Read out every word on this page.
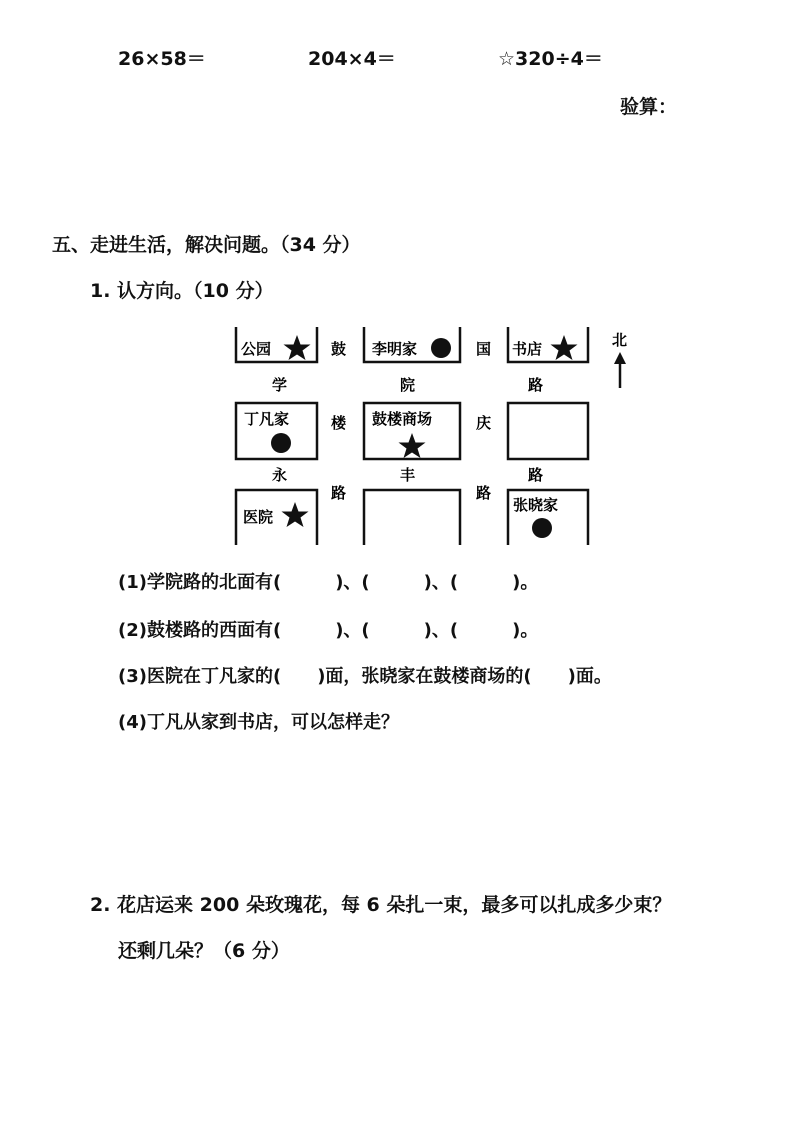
26×58＝	204×4＝	☆320÷4＝
验算：
五、走进生活，解决问题。（34 分）
1. 认方向。（10 分）
公园	李明家	书店
丁凡家	鼓楼商场
医院
张晓家
北
鼓
楼
路
国
庆
路
学	院	路
永	丰	路
(1)学院路的北面有(　　　)、(　　　)、(　　　)。
(2)鼓楼路的西面有(　　　)、(　　　)、(　　　)。
(3)医院在丁凡家的(　　)面，张晓家在鼓楼商场的(　　)面。
(4)丁凡从家到书店，可以怎样走？
2. 花店运来 200 朵玫瑰花，每 6 朵扎一束，最多可以扎成多少束？
还剩几朵？（6 分）
